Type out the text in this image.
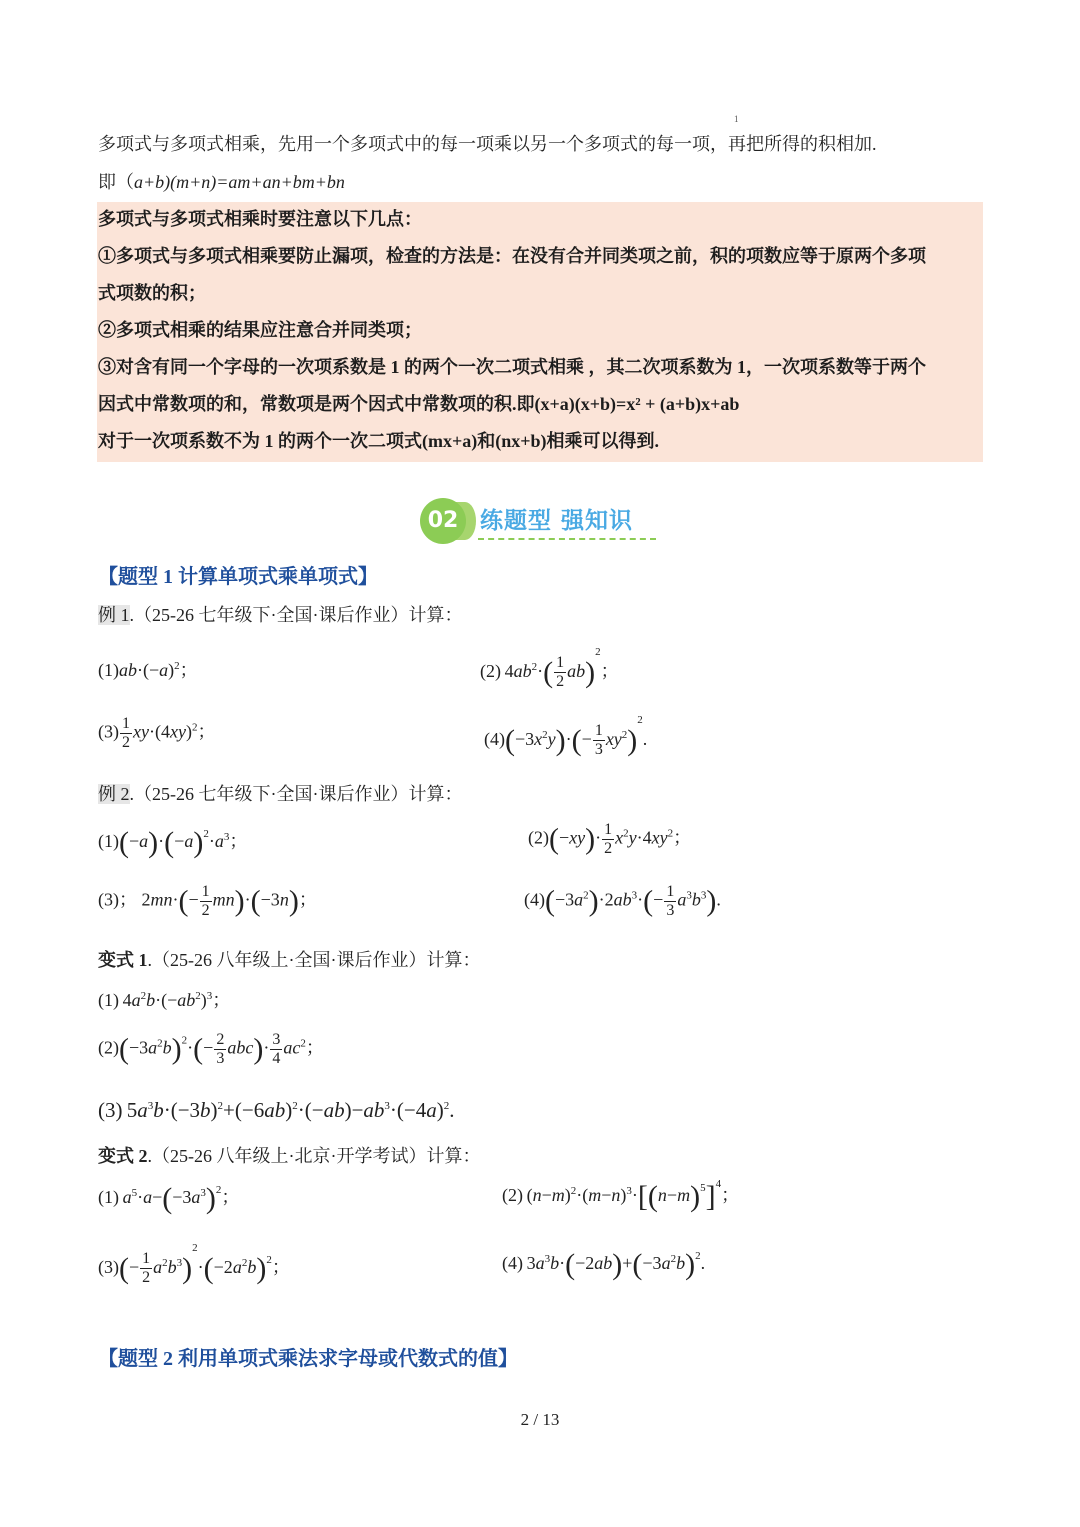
1
多项式与多项式相乘，先用一个多项式中的每一项乘以另一个多项式的每一项，再把所得的积相加.
即（a+b)(m+n)=am+an+bm+bn
多项式与多项式相乘时要注意以下几点：
①多项式与多项式相乘要防止漏项，检查的方法是：在没有合并同类项之前，积的项数应等于原两个多项
式项数的积；
②多项式相乘的结果应注意合并同类项；
③对含有同一个字母的一次项系数是 1 的两个一次二项式相乘 ，其二次项系数为 1，一次项系数等于两个
因式中常数项的和，常数项是两个因式中常数项的积.即(x+a)(x+b)=x² + (a+b)x+ab
对于一次项系数不为 1 的两个一次二项式(mx+a)和(nx+b)相乘可以得到.
02 练题型 强知识
【题型 1 计算单项式乘单项式】
例 1.（25-26 七年级下·全国·课后作业）计算：
$(1)ab\cdot(-a)^2$；	(2) $4ab^2\cdot( \frac{1}{2} ab)^2$；
$(3) \frac{1}{2} xy\cdot(4xy)^2$；	$(4)(-3x^2y)\cdot(- \frac{1}{3} xy^2)^2$.
例 2.（25-26 七年级下·全国·课后作业）计算：
$(1)(-a)\cdot(-a)^2\cdot a^3$；	$(2)(-xy)\cdot \frac{1}{2} x^2y\cdot 4xy^2$；
(3)； $2mn\cdot(- \frac{1}{2} mn)\cdot(-3n)$；	$(4)(-3a^2)\cdot 2ab^3\cdot(- \frac{1}{3} a^3b^3)$.
变式 1.（25-26 八年级上·全国·课后作业）计算：
(1) $4a^2b\cdot(-ab^2)^3$；
$(2)(-3a^2b)^2\cdot(- \frac{2}{3} abc)\cdot \frac{3}{4} ac^2$；
(3) $5a^3b\cdot(-3b)^2+(-6ab)^2\cdot(-ab)-ab^3\cdot(-4a)^2$.
变式 2.（25-26 八年级上·北京·开学考试）计算：
(1) $a^5\cdot a-(-3a^3)^2$；	(2) $(n-m)^2\cdot(m-n)^3\cdot[(n-m)^5]^4$；
$(3)(- \frac{1}{2} a^2b^3)^2\cdot(-2a^2b)^2$；	(4) $3a^3b\cdot(-2ab)+(-3a^2b)^2$.
【题型 2 利用单项式乘法求字母或代数式的值】
2 / 13
